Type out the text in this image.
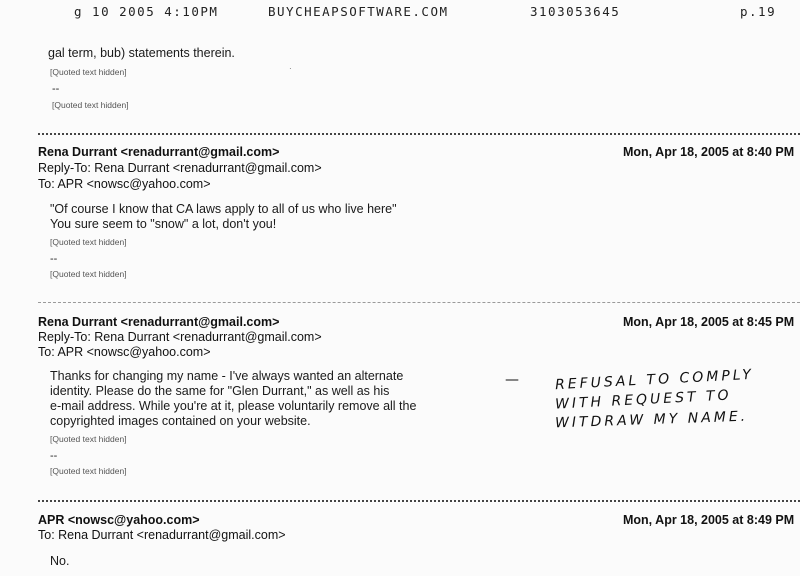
g 10 2005 4:10PM	BUYCHEAPSOFTWARE.COM	3103053645	p.19
gal term, bub) statements therein.
[Quoted text hidden]
--
[Quoted text hidden]
·
Rena Durrant <renadurrant@gmail.com>	Mon, Apr 18, 2005 at 8:40 PM
Reply-To: Rena Durrant <renadurrant@gmail.com>
To: APR <nowsc@yahoo.com>
"Of course I know that CA laws apply to all of us who live here"
You sure seem to "snow" a lot, don't you!
[Quoted text hidden]
--
[Quoted text hidden]
Rena Durrant <renadurrant@gmail.com>	Mon, Apr 18, 2005 at 8:45 PM
Reply-To: Rena Durrant <renadurrant@gmail.com>
To: APR <nowsc@yahoo.com>
Thanks for changing my name - I've always wanted an alternate
identity. Please do the same for "Glen Durrant," as well as his
e-mail address. While you're at it, please voluntarily remove all the
copyrighted images contained on your website.
[Quoted text hidden]
--
[Quoted text hidden]
— REFUSAL TO COMPLY
WITH REQUEST TO
WITDRAW MY NAME.
APR <nowsc@yahoo.com>	Mon, Apr 18, 2005 at 8:49 PM
To: Rena Durrant <renadurrant@gmail.com>
No.
